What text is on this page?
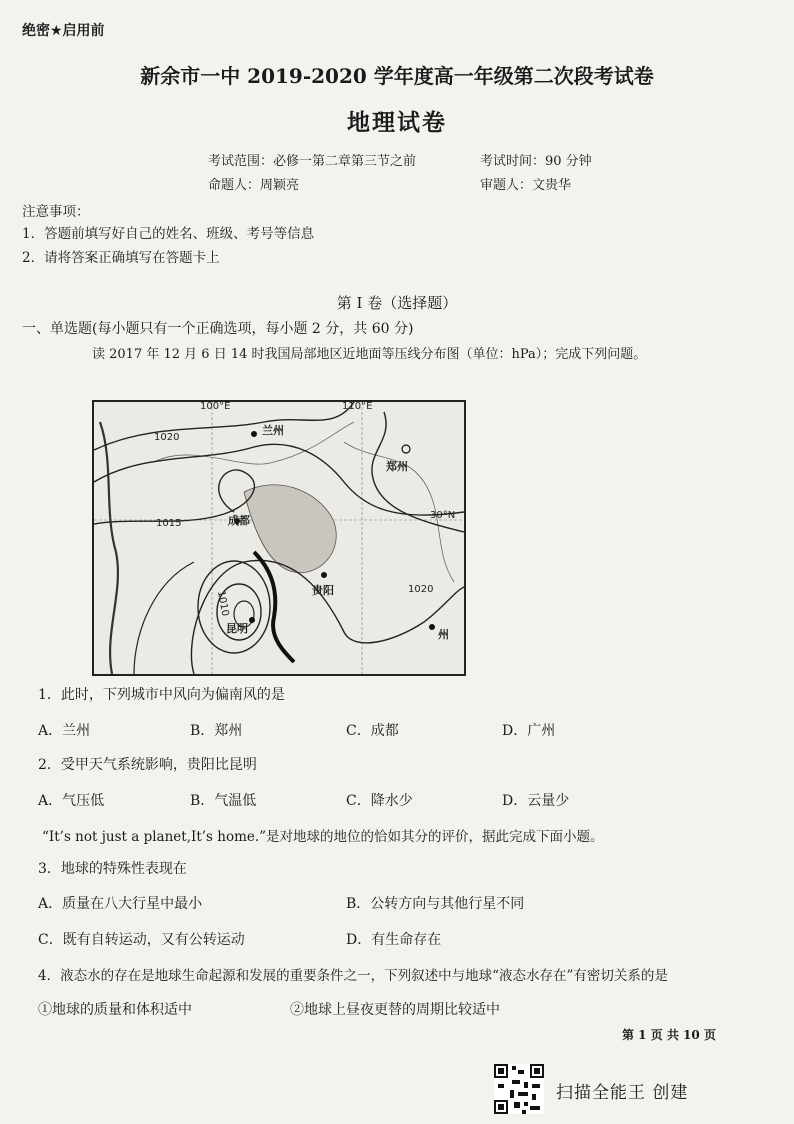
绝密★启用前
新余市一中 2019-2020 学年度高一年级第二次段考试卷
地理试卷
考试范围：必修一第二章第三节之前	考试时间：90 分钟
命题人：周颖亮	审题人：文贵华
注意事项：
1．答题前填写好自己的姓名、班级、考号等信息
2．请将答案正确填写在答题卡上
第 I 卷（选择题）
一、单选题(每小题只有一个正确选项，每小题 2 分，共 60 分)
读 2017 年 12 月 6 日 14 时我国局部地区近地面等压线分布图（单位：hPa）；完成下列问题。
100°E	110°E
30°N
1020
1015
1010
1020
兰州
郑州
成都
贵阳
昆明	州
1．此时，下列城市中风向为偏南风的是
A．兰州	B．郑州	C．成都	D．广州
2．受甲天气系统影响，贵阳比昆明
A．气压低	B．气温低	C．降水少	D．云量少
“It’s not just a planet,It’s home.”是对地球的地位的恰如其分的评价，据此完成下面小题。
3．地球的特殊性表现在
A．质量在八大行星中最小	B．公转方向与其他行星不同
C．既有自转运动，又有公转运动	D．有生命存在
4．液态水的存在是地球生命起源和发展的重要条件之一，下列叙述中与地球“液态水存在”有密切关系的是
①地球的质量和体积适中	②地球上昼夜更替的周期比较适中
第 1 页 共 10 页
扫描全能王 创建
